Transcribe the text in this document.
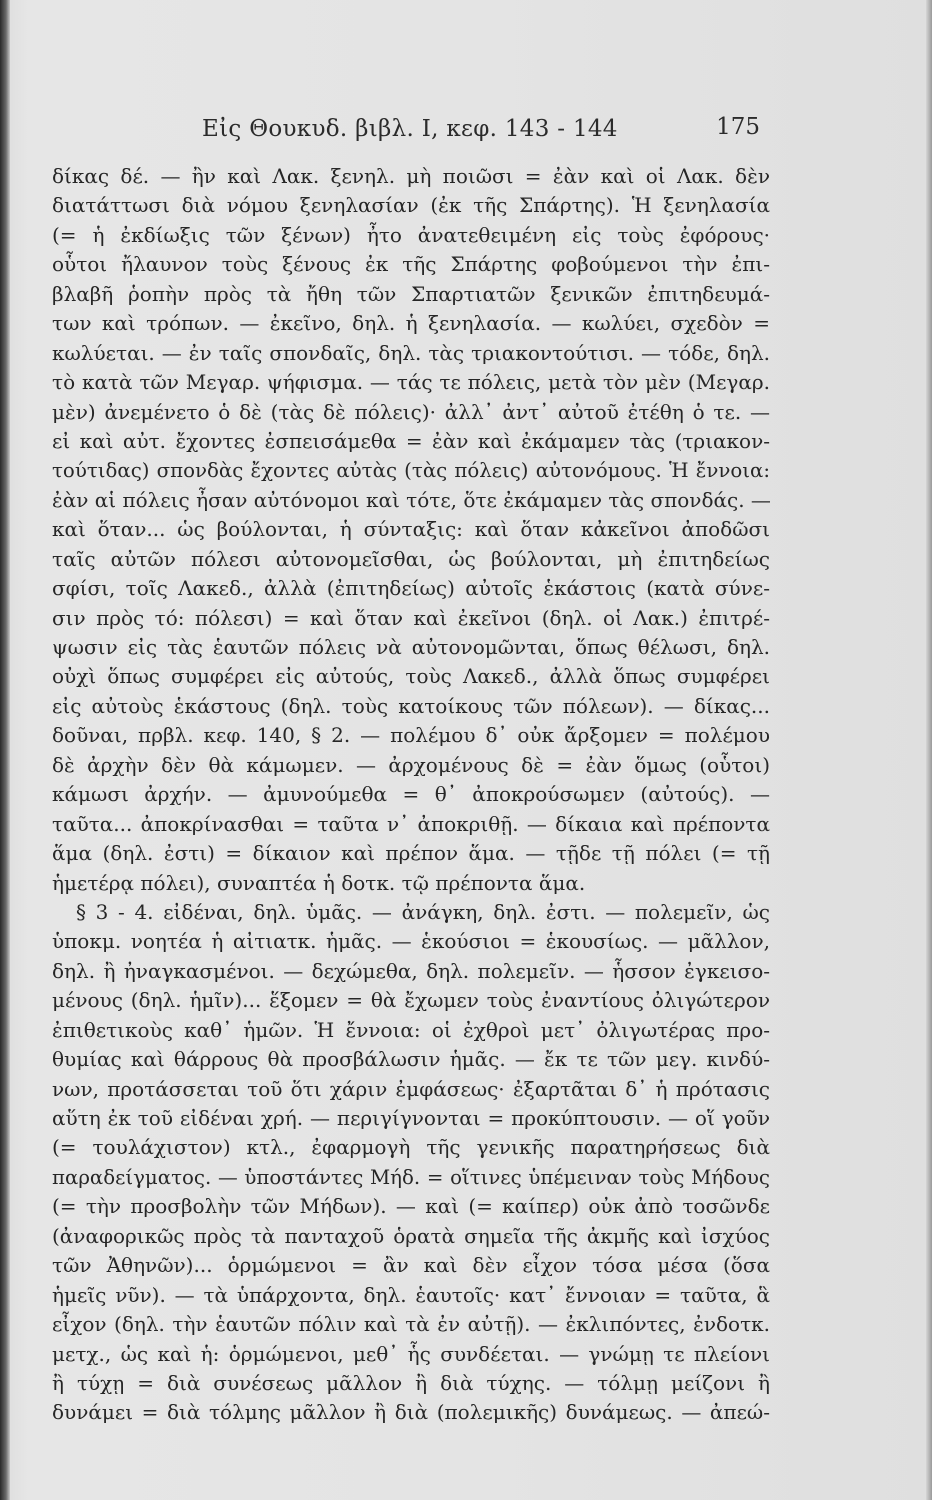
Εἰς Θουκυδ. βιβλ. I, κεφ. 143 - 144	175
δίκας δέ. — ἢν καὶ Λακ. ξενηλ. μὴ ποιῶσι = ἐὰν καὶ οἱ Λακ. δὲν
διατάττωσι διὰ νόμου ξενηλασίαν (ἐκ τῆς Σπάρτης). Ἡ ξενηλασία
(= ἡ ἐκδίωξις τῶν ξένων) ἦτο ἀνατεθειμένη εἰς τοὺς ἐφόρους·
οὗτοι ἤλαυνον τοὺς ξένους ἐκ τῆς Σπάρτης φοβούμενοι τὴν ἐπι-
βλαβῆ ῥοπὴν πρὸς τὰ ἤθη τῶν Σπαρτιατῶν ξενικῶν ἐπιτηδευμά-
των καὶ τρόπων. — ἐκεῖνο, δηλ. ἡ ξενηλασία. — κωλύει, σχεδὸν =
κωλύεται. — ἐν ταῖς σπονδαῖς, δηλ. τὰς τριακοντούτισι. — τόδε, δηλ.
τὸ κατὰ τῶν Μεγαρ. ψήφισμα. — τάς τε πόλεις, μετὰ τὸν μὲν (Μεγαρ.
μὲν) ἀνεμένετο ὁ δὲ (τὰς δὲ πόλεις)· ἀλλ᾽ ἀντ᾽ αὐτοῦ ἐτέθη ὁ τε. —
εἰ καὶ αὐτ. ἔχοντες ἐσπεισάμεθα = ἐὰν καὶ ἐκάμαμεν τὰς (τριακον-
τούτιδας) σπονδὰς ἔχοντες αὐτὰς (τὰς πόλεις) αὐτονόμους. Ἡ ἔννοια:
ἐὰν αἱ πόλεις ἦσαν αὐτόνομοι καὶ τότε, ὅτε ἐκάμαμεν τὰς σπονδάς. —
καὶ ὅταν... ὡς βούλονται, ἡ σύνταξις: καὶ ὅταν κἀκεῖνοι ἀποδῶσι
ταῖς αὐτῶν πόλεσι αὐτονομεῖσθαι, ὡς βούλονται, μὴ ἐπιτηδείως
σφίσι, τοῖς Λακεδ., ἀλλὰ (ἐπιτηδείως) αὐτοῖς ἑκάστοις (κατὰ σύνε-
σιν πρὸς τό: πόλεσι) = καὶ ὅταν καὶ ἐκεῖνοι (δηλ. οἱ Λακ.) ἐπιτρέ-
ψωσιν εἰς τὰς ἑαυτῶν πόλεις νὰ αὐτονομῶνται, ὅπως θέλωσι, δηλ.
οὐχὶ ὅπως συμφέρει εἰς αὐτούς, τοὺς Λακεδ., ἀλλὰ ὅπως συμφέρει
εἰς αὐτοὺς ἑκάστους (δηλ. τοὺς κατοίκους τῶν πόλεων). — δίκας...
δοῦναι, πρβλ. κεφ. 140, § 2. — πολέμου δ᾽ οὐκ ἄρξομεν = πολέμου
δὲ ἀρχὴν δὲν θὰ κάμωμεν. — ἀρχομένους δὲ = ἐὰν ὅμως (οὗτοι)
κάμωσι ἀρχήν. — ἀμυνούμεθα = θ᾽ ἀποκρούσωμεν (αὐτούς). —
ταῦτα... ἀποκρίνασθαι = ταῦτα ν᾽ ἀποκριθῇ. — δίκαια καὶ πρέποντα
ἅμα (δηλ. ἐστι) = δίκαιον καὶ πρέπον ἅμα. — τῇδε τῇ πόλει (= τῇ
ἡμετέρᾳ πόλει), συναπτέα ἡ δοτκ. τῷ πρέποντα ἅμα.
§ 3 - 4. εἰδέναι, δηλ. ὑμᾶς. — ἀνάγκη, δηλ. ἐστι. — πολεμεῖν, ὡς
ὑποκμ. νοητέα ἡ αἰτιατκ. ἡμᾶς. — ἑκούσιοι = ἑκουσίως. — μᾶλλον,
δηλ. ἢ ἠναγκασμένοι. — δεχώμεθα, δηλ. πολεμεῖν. — ἧσσον ἐγκεισο-
μένους (δηλ. ἡμῖν)... ἕξομεν = θὰ ἔχωμεν τοὺς ἐναντίους ὀλιγώτερον
ἐπιθετικοὺς καθ᾽ ἡμῶν. Ἡ ἔννοια: οἱ ἐχθροὶ μετ᾽ ὀλιγωτέρας προ-
θυμίας καὶ θάρρους θὰ προσβάλωσιν ἡμᾶς. — ἔκ τε τῶν μεγ. κινδύ-
νων, προτάσσεται τοῦ ὅτι χάριν ἐμφάσεως· ἐξαρτᾶται δ᾽ ἡ πρότασις
αὕτη ἐκ τοῦ εἰδέναι χρή. — περιγίγνονται = προκύπτουσιν. — οἵ γοῦν
(= τουλάχιστον) κτλ., ἐφαρμογὴ τῆς γενικῆς παρατηρήσεως διὰ
παραδείγματος. — ὑποστάντες Μήδ. = οἵτινες ὑπέμειναν τοὺς Μήδους
(= τὴν προσβολὴν τῶν Μήδων). — καὶ (= καίπερ) οὐκ ἀπὸ τοσῶνδε
(ἀναφορικῶς πρὸς τὰ πανταχοῦ ὁρατὰ σημεῖα τῆς ἀκμῆς καὶ ἰσχύος
τῶν Ἀθηνῶν)... ὁρμώμενοι = ἂν καὶ δὲν εἶχον τόσα μέσα (ὅσα
ἡμεῖς νῦν). — τὰ ὑπάρχοντα, δηλ. ἑαυτοῖς· κατ᾽ ἔννοιαν = ταῦτα, ἃ
εἶχον (δηλ. τὴν ἑαυτῶν πόλιν καὶ τὰ ἐν αὐτῇ). — ἐκλιπόντες, ἐνδοτκ.
μετχ., ὡς καὶ ἡ: ὁρμώμενοι, μεθ᾽ ἧς συνδέεται. — γνώμῃ τε πλείονι
ἢ τύχῃ = διὰ συνέσεως μᾶλλον ἢ διὰ τύχης. — τόλμῃ μείζονι ἢ
δυνάμει = διὰ τόλμης μᾶλλον ἢ διὰ (πολεμικῆς) δυνάμεως. — ἀπεώ-
